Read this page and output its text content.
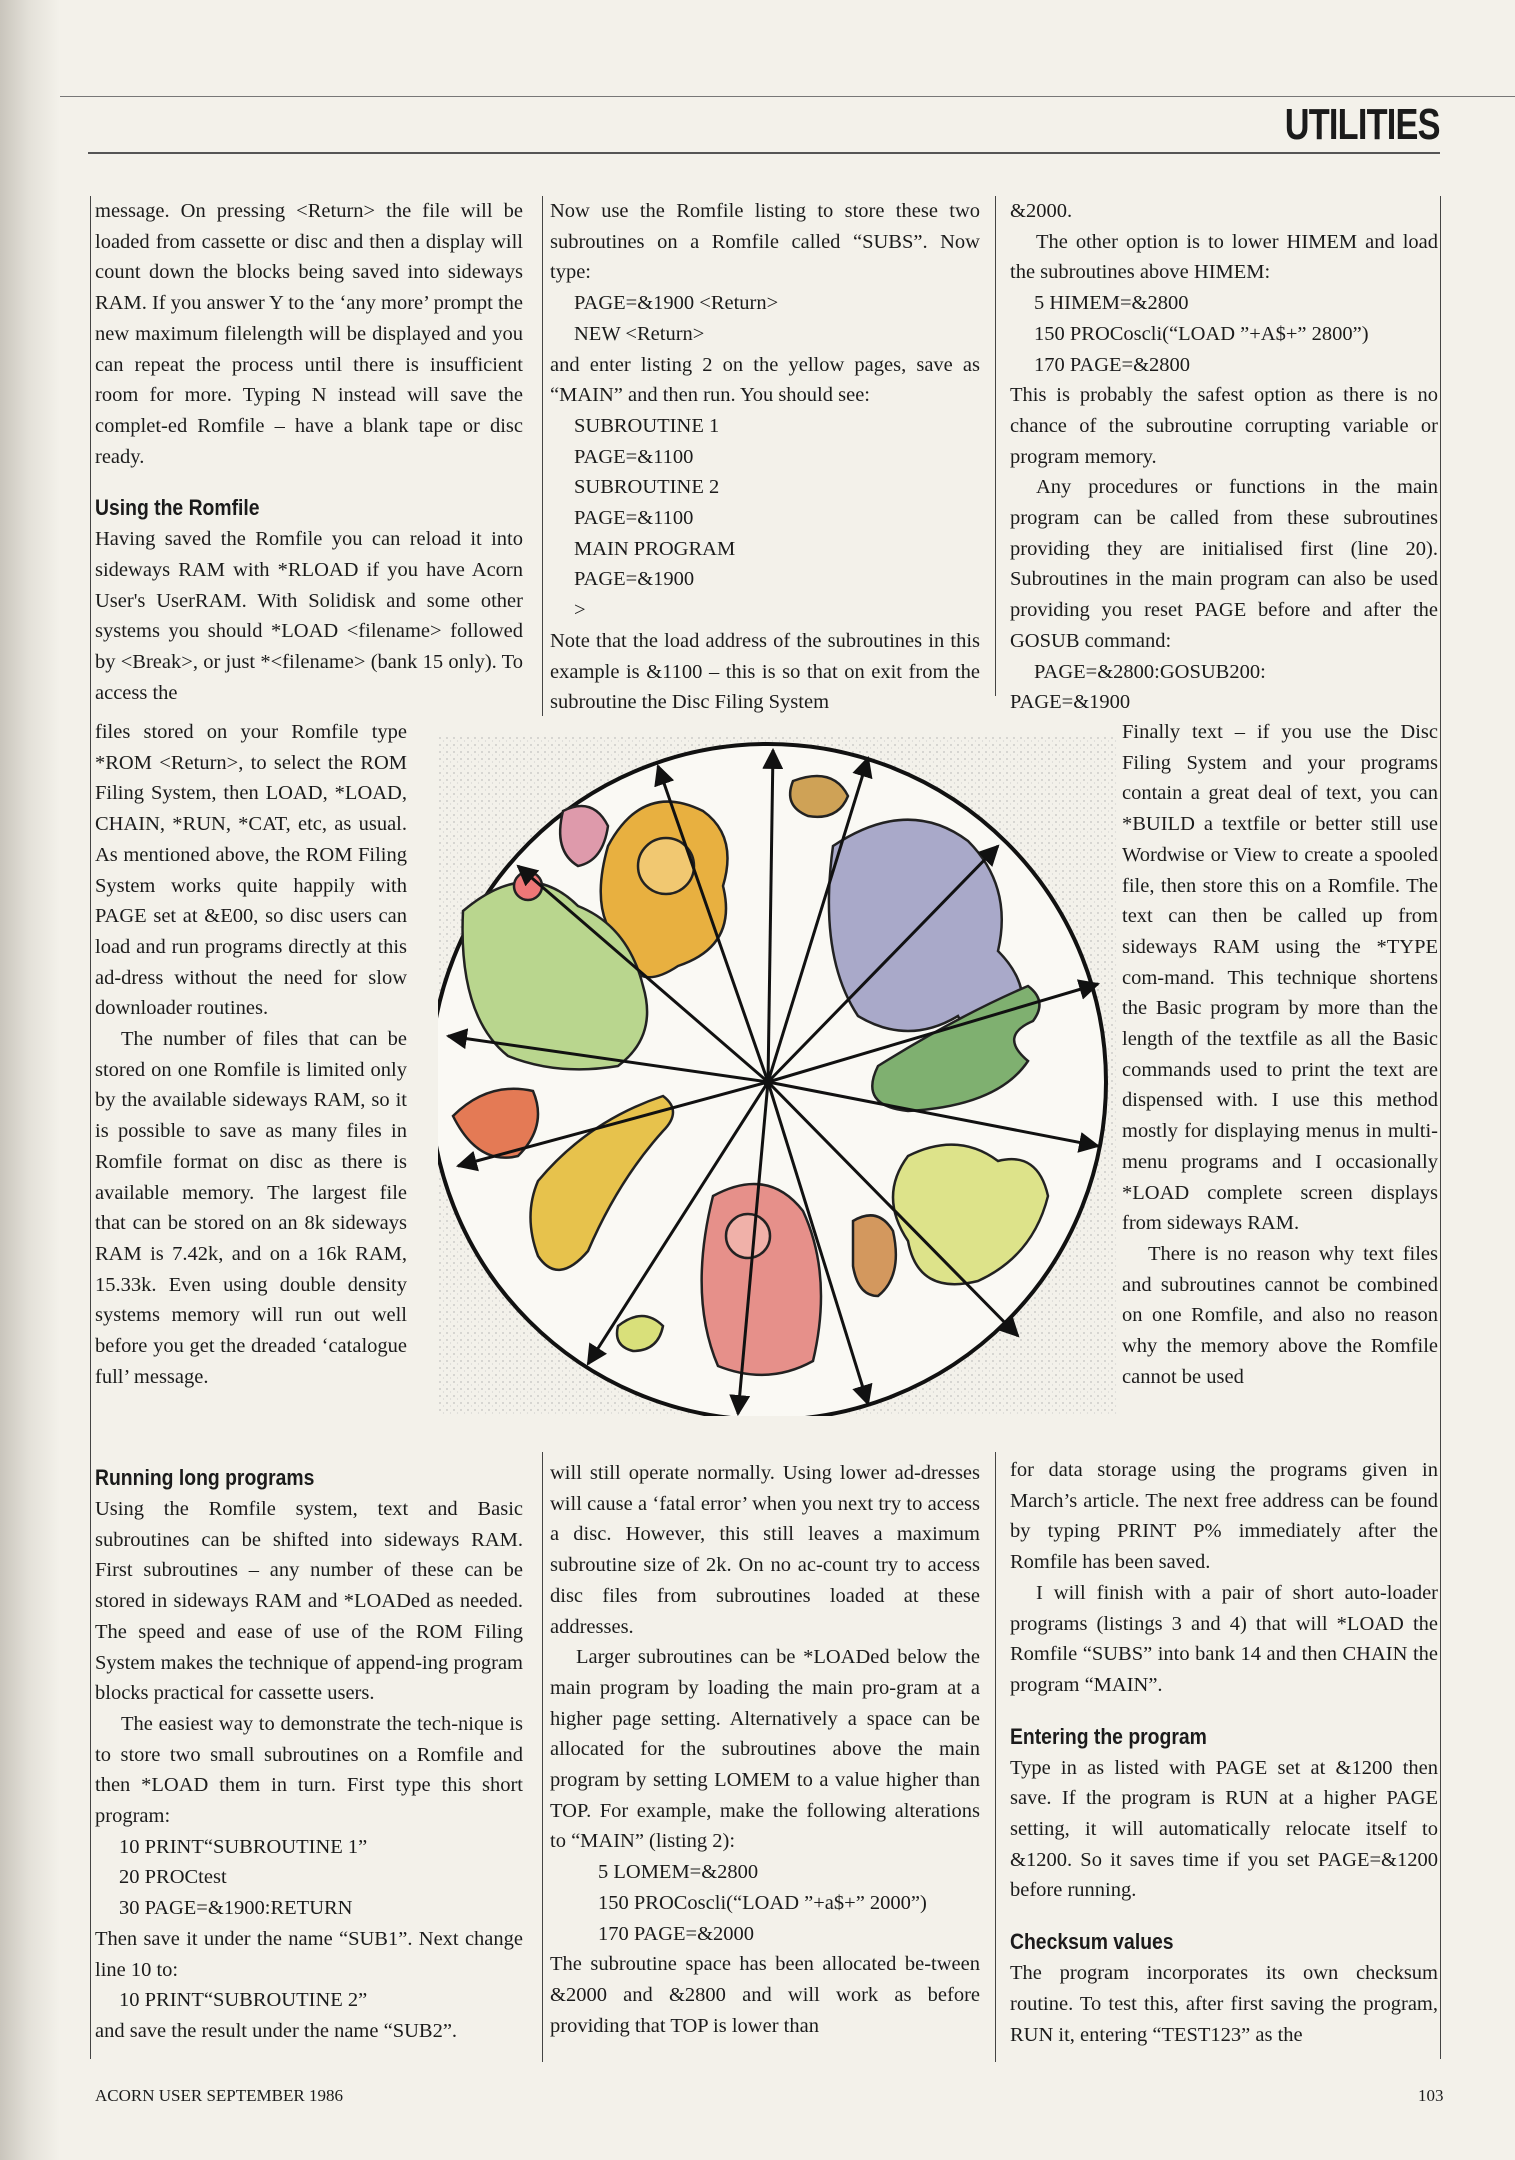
UTILITIES

message. On pressing <Return> the file will be loaded from cassette or disc and then a display will count down the blocks being saved into sideways RAM. If you answer Y to the ‘any more’ prompt the new maximum filelength will be displayed and you can repeat the process until there is insufficient room for more. Typing N instead will save the complet-ed Romfile – have a blank tape or disc ready.

Using the Romfile

Having saved the Romfile you can reload it into sideways RAM with *RLOAD if you have Acorn User's UserRAM. With Solidisk and some other systems you should *LOAD <filename> followed by <Break>, or just *<filename> (bank 15 only). To access the

files stored on your Romfile type *ROM <Return>, to select the ROM Filing System, then LOAD, *LOAD, CHAIN, *RUN, *CAT, etc, as usual. As mentioned above, the ROM Filing System works quite happily with PAGE set at &E00, so disc users can load and run programs directly at this ad-dress without the need for slow downloader routines.

The number of files that can be stored on one Romfile is limited only by the available sideways RAM, so it is possible to save as many files in Romfile format on disc as there is available memory. The largest file that can be stored on an 8k sideways RAM is 7.42k, and on a 16k RAM, 15.33k. Even using double density systems memory will run out well before you get the dreaded ‘catalogue full’ message.

Running long programs

Using the Romfile system, text and Basic subroutines can be shifted into sideways RAM. First subroutines – any number of these can be stored in sideways RAM and *LOADed as needed. The speed and ease of use of the ROM Filing System makes the technique of append-ing program blocks practical for cassette users.

The easiest way to demonstrate the tech-nique is to store two small subroutines on a Romfile and then *LOAD them in turn. First type this short program:

10 PRINT“SUBROUTINE 1”
20 PROCtest
30 PAGE=&1900:RETURN

Then save it under the name “SUB1”. Next change line 10 to:

10 PRINT“SUBROUTINE 2”

and save the result under the name “SUB2”.

Now use the Romfile listing to store these two subroutines on a Romfile called “SUBS”. Now type:

PAGE=&1900 <Return>
NEW <Return>

and enter listing 2 on the yellow pages, save as “MAIN” and then run. You should see:

SUBROUTINE 1
PAGE=&1100
SUBROUTINE 2
PAGE=&1100
MAIN PROGRAM
PAGE=&1900
>

Note that the load address of the subroutines in this example is &1100 – this is so that on exit from the subroutine the Disc Filing System

will still operate normally. Using lower ad-dresses will cause a ‘fatal error’ when you next try to access a disc. However, this still leaves a maximum subroutine size of 2k. On no ac-count try to access disc files from subroutines loaded at these addresses.

Larger subroutines can be *LOADed below the main program by loading the main pro-gram at a higher page setting. Alternatively a space can be allocated for the subroutines above the main program by setting LOMEM to a value higher than TOP. For example, make the following alterations to “MAIN” (listing 2):

5 LOMEM=&2800
150 PROCoscli(“LOAD ”+a$+” 2000”)
170 PAGE=&2000

The subroutine space has been allocated be-tween &2000 and &2800 and will work as before providing that TOP is lower than

&2000.

The other option is to lower HIMEM and load the subroutines above HIMEM:

5 HIMEM=&2800
150 PROCoscli(“LOAD ”+A$+” 2800”)
170 PAGE=&2800

This is probably the safest option as there is no chance of the subroutine corrupting variable or program memory.

Any procedures or functions in the main program can be called from these subroutines providing they are initialised first (line 20). Subroutines in the main program can also be used providing you reset PAGE before and after the GOSUB command:

PAGE=&2800:GOSUB200:
PAGE=&1900

Finally text – if you use the Disc Filing System and your programs contain a great deal of text, you can *BUILD a textfile or better still use Wordwise or View to create a spooled file, then store this on a Romfile. The text can then be called up from sideways RAM using the *TYPE com-mand. This technique shortens the Basic program by more than the length of the textfile as all the Basic commands used to print the text are dispensed with. I use this method mostly for displaying menus in multi-menu programs and I occasionally *LOAD complete screen displays from sideways RAM.

There is no reason why text files and subroutines cannot be combined on one Romfile, and also no reason why the memory above the Romfile cannot be used

for data storage using the programs given in March’s article. The next free address can be found by typing PRINT P% immediately after the Romfile has been saved.

I will finish with a pair of short auto-loader programs (listings 3 and 4) that will *LOAD the Romfile “SUBS” into bank 14 and then CHAIN the program “MAIN”.

Entering the program

Type in as listed with PAGE set at &1200 then save. If the program is RUN at a higher PAGE setting, it will automatically relocate itself to &1200. So it saves time if you set PAGE=&1200 before running.

Checksum values

The program incorporates its own checksum routine. To test this, after first saving the program, RUN it, entering “TEST123” as the

ACORN USER SEPTEMBER 1986	103
